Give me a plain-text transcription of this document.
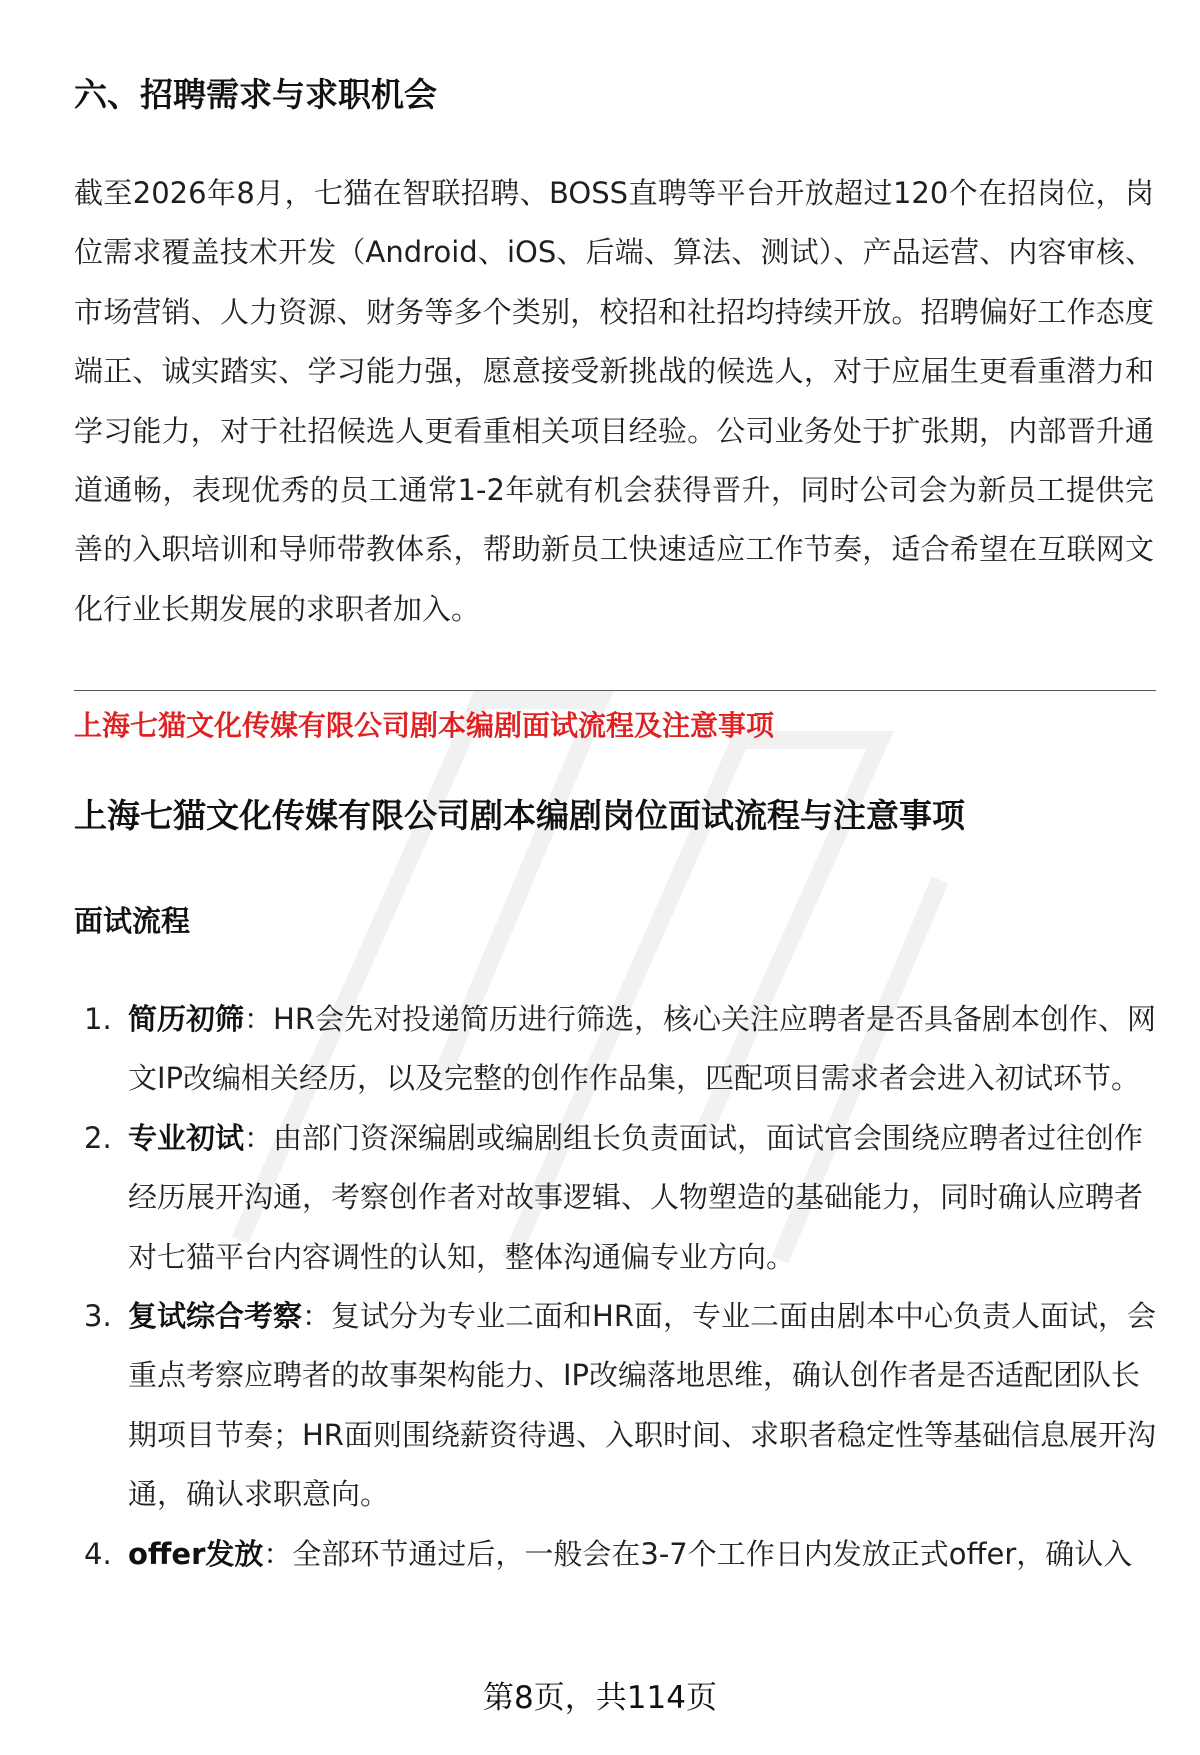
六、招聘需求与求职机会

截至2026年8月，七猫在智联招聘、BOSS直聘等平台开放超过120个在招岗位，岗位需求覆盖技术开发（Android、iOS、后端、算法、测试）、产品运营、内容审核、市场营销、人力资源、财务等多个类别，校招和社招均持续开放。招聘偏好工作态度端正、诚实踏实、学习能力强，愿意接受新挑战的候选人，对于应届生更看重潜力和学习能力，对于社招候选人更看重相关项目经验。公司业务处于扩张期，内部晋升通道通畅，表现优秀的员工通常1-2年就有机会获得晋升，同时公司会为新员工提供完善的入职培训和导师带教体系，帮助新员工快速适应工作节奏，适合希望在互联网文化行业长期发展的求职者加入。

上海七猫文化传媒有限公司剧本编剧面试流程及注意事项
上海七猫文化传媒有限公司剧本编剧岗位面试流程与注意事项
面试流程
1. 简历初筛：HR会先对投递简历进行筛选，核心关注应聘者是否具备剧本创作、网文IP改编相关经历，以及完整的创作作品集，匹配项目需求者会进入初试环节。
2. 专业初试：由部门资深编剧或编剧组长负责面试，面试官会围绕应聘者过往创作经历展开沟通，考察创作者对故事逻辑、人物塑造的基础能力，同时确认应聘者对七猫平台内容调性的认知，整体沟通偏专业方向。
3. 复试综合考察：复试分为专业二面和HR面，专业二面由剧本中心负责人面试，会重点考察应聘者的故事架构能力、IP改编落地思维，确认创作者是否适配团队长期项目节奏；HR面则围绕薪资待遇、入职时间、求职者稳定性等基础信息展开沟通，确认求职意向。
4. offer发放：全部环节通过后，一般会在3-7个工作日内发放正式offer，确认入
第8页，共114页
